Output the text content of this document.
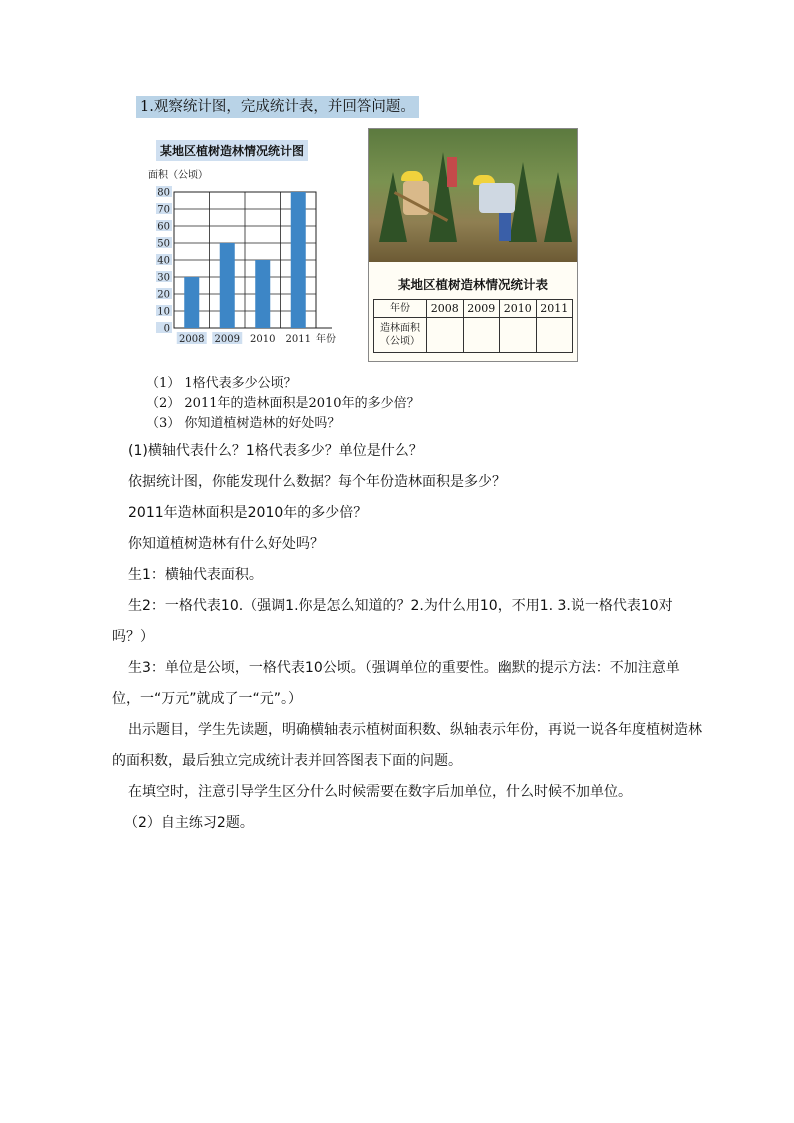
1.观察统计图，完成统计表，并回答问题。
某地区植树造林情况统计图
面积（公顷）
0
10
20
30
40
50
60
70
80
2008 2009 2010 2011 年份
某地区植树造林情况统计表
年份	2008	2009	2010	2011
造林面积（公顷）				
（1） 1格代表多少公顷？
（2） 2011年的造林面积是2010年的多少倍？
（3） 你知道植树造林的好处吗？
(1)横轴代表什么？1格代表多少？单位是什么？
依据统计图，你能发现什么数据？每个年份造林面积是多少？
2011年造林面积是2010年的多少倍？
你知道植树造林有什么好处吗？
生1：横轴代表面积。
生2：一格代表10.（强调1.你是怎么知道的？2.为什么用10，不用1. 3.说一格代表10对吗？）
生3：单位是公顷，一格代表10公顷。（强调单位的重要性。幽默的提示方法：不加注意单位，一“万元”就成了一“元”。）
出示题目，学生先读题，明确横轴表示植树面积数、纵轴表示年份，再说一说各年度植树造林的面积数，最后独立完成统计表并回答图表下面的问题。
在填空时，注意引导学生区分什么时候需要在数字后加单位，什么时候不加单位。
（2）自主练习2题。
